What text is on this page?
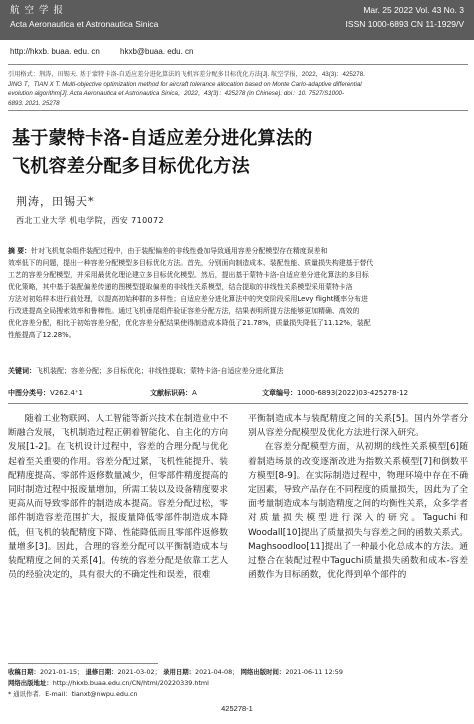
航 空 学 报
Acta Aeronautica et Astronautica Sinica
Mar. 25 2022 Vol. 43 No. 3
ISSN 1000-6893 CN 11-1929/V
http://hkxb. buaa. edu. cn	hkxb@buaa. edu. cn
引用格式：荆涛，田锡天. 基于蒙特卡洛-自适应差分进化算法的飞机容差分配多目标优化方法[J]. 航空学报，2022，43(3)：425278.
JING T，TIAN X T. Multi-objective optimization method for aircraft tolerance allocation based on Monte Carlo-adaptive differential
evolution algorithm[J]. Acta Aeronautica et Astronautica Sinica，2022，43(3)：425278 (in Chinese). doi：10. 7527/S1000-
6893. 2021. 25278
基于蒙特卡洛-自适应差分进化算法的
飞机容差分配多目标优化方法
荆涛，田锡天*
西北工业大学 机电学院，西安 710072
摘 要：针对飞机复杂组件装配过程中，由于装配偏差的非线性叠加导致通用容差分配模型存在精度误差和
效率低下的问题，提出一种容差分配模型多目标优化方法。首先，分别面向制造成本、装配性能、质量损失构建基于替代
工艺的容差分配模型，并采用最优化理论建立多目标优化模型。然后，提出基于蒙特卡洛-自适应差分进化算法的多目标
优化策略，其中基于装配偏差传递的图模型提取偏差的非线性关系模型，结合提取的非线性关系模型采用蒙特卡洛
方法对初始样本进行前处理，以提高初始种群的多样性；自适应差分进化算法中的突变阶段采用Levy flight概率分布进
行改进提高全局搜索效率和鲁棒性。通过飞机垂尾组件验证容差分配方法，结果表明所提方法能够更加精确、高效的
优化容差分配，相比于初始容差分配，优化容差分配结果使得制造成本降低了21.78%，质量损失降低了11.12%，装配
性能提高了12.28%。
关键词：飞机装配；容差分配；多目标优化；非线性提取；蒙特卡洛-自适应差分进化算法
中图分类号：V262.4⁺1	文献标识码：A	文章编号：1000-6893(2022)03-425278-12

随着工业物联网、人工智能等新兴技术在制造业中不断融合发展，飞机制造过程正朝着智能化、自主化的方向发展[1-2]。在飞机设计过程中，容差的合理分配与优化起着至关重要的作用。容差分配过紧，飞机性能提升、装配精度提高、零部件返修数量减少，但零部件精度提高的同时制造过程中报废量增加，所需工装以及设备精度要求更高从而导致零部件的制造成本提高。容差分配过松，零部件制造容差范围扩大，报废量降低零部件制造成本降低，但飞机的装配精度下降、性能降低而且零部件返修数量增多[3]。因此，合理的容差分配可以平衡制造成本与装配精度之间的关系[4]。传统的容差分配是依靠工艺人员的经验决定的，具有很大的不确定性和误差，很难

平衡制造成本与装配精度之间的关系[5]。国内外学者分别从容差分配模型及优化方法进行深入研究。

在容差分配模型方面，从初期的线性关系模型[6]随着制造场景的改变逐渐改进为指数关系模型[7]和倒数平方模型[8-9]。在实际制造过程中，物理环境中存在不确定因素，导致产品存在不同程度的质量损失，因此为了全面考量制造成本与制造精度之间的均衡性关系，众多学者对质量损失模型进行深入的研究。Taguchi和Woodall[10]提出了质量损失与容差之间的函数关系式。Maghsoodloo[11]提出了一种最小化总成本的方法。通过整合在装配过程中Taguchi质量损失函数和成本-容差函数作为目标函数，优化得到单个部件的

收稿日期：2021-01-15； 退修日期：2021-03-02； 录用日期：2021-04-08； 网络出版时间：2021-06-11 12:59
网络出版地址：http://hkxb.buaa.edu.cn/CN/html/20220339.html
* 通讯作者．E-mail：tianxt@nwpu.edu.cn
425278-1
